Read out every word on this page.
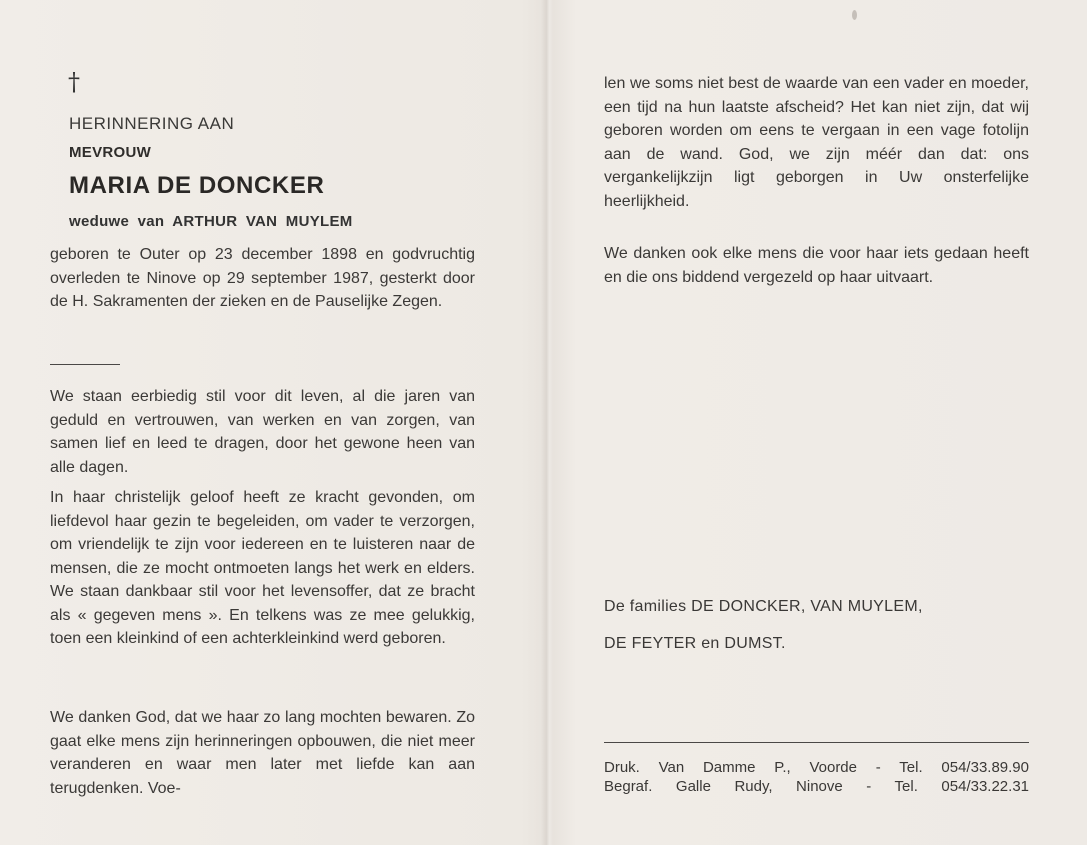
†
HERINNERING AAN
MEVROUW
MARIA DE DONCKER
weduwe van ARTHUR VAN MUYLEM
geboren te Outer op 23 december 1898 en godvruchtig overleden te Ninove op 29 september 1987, gesterkt door de H. Sakramenten der zieken en de Pauselijke Zegen.
We staan eerbiedig stil voor dit leven, al die jaren van geduld en vertrouwen, van werken en van zorgen, van samen lief en leed te dragen, door het gewone heen van alle dagen.
In haar christelijk geloof heeft ze kracht gevonden, om liefdevol haar gezin te begeleiden, om vader te verzorgen, om vriendelijk te zijn voor iedereen en te luisteren naar de mensen, die ze mocht ontmoeten langs het werk en elders. We staan dankbaar stil voor het levensoffer, dat ze bracht als « gegeven mens ». En telkens was ze mee gelukkig, toen een kleinkind of een achterkleinkind werd geboren.
We danken God, dat we haar zo lang mochten bewaren. Zo gaat elke mens zijn herinneringen opbouwen, die niet meer veranderen en waar men later met liefde kan aan terugdenken. Voe-
len we soms niet best de waarde van een vader en moeder, een tijd na hun laatste afscheid? Het kan niet zijn, dat wij geboren worden om eens te vergaan in een vage fotolijn aan de wand. God, we zijn méér dan dat: ons vergankelijkzijn ligt geborgen in Uw onsterfelijke heerlijkheid.
We danken ook elke mens die voor haar iets gedaan heeft en die ons biddend vergezeld op haar uitvaart.
De families DE DONCKER, VAN MUYLEM,
DE FEYTER en DUMST.
Druk. Van Damme P., Voorde - Tel. 054/33.89.90
Begraf. Galle Rudy, Ninove - Tel. 054/33.22.31
